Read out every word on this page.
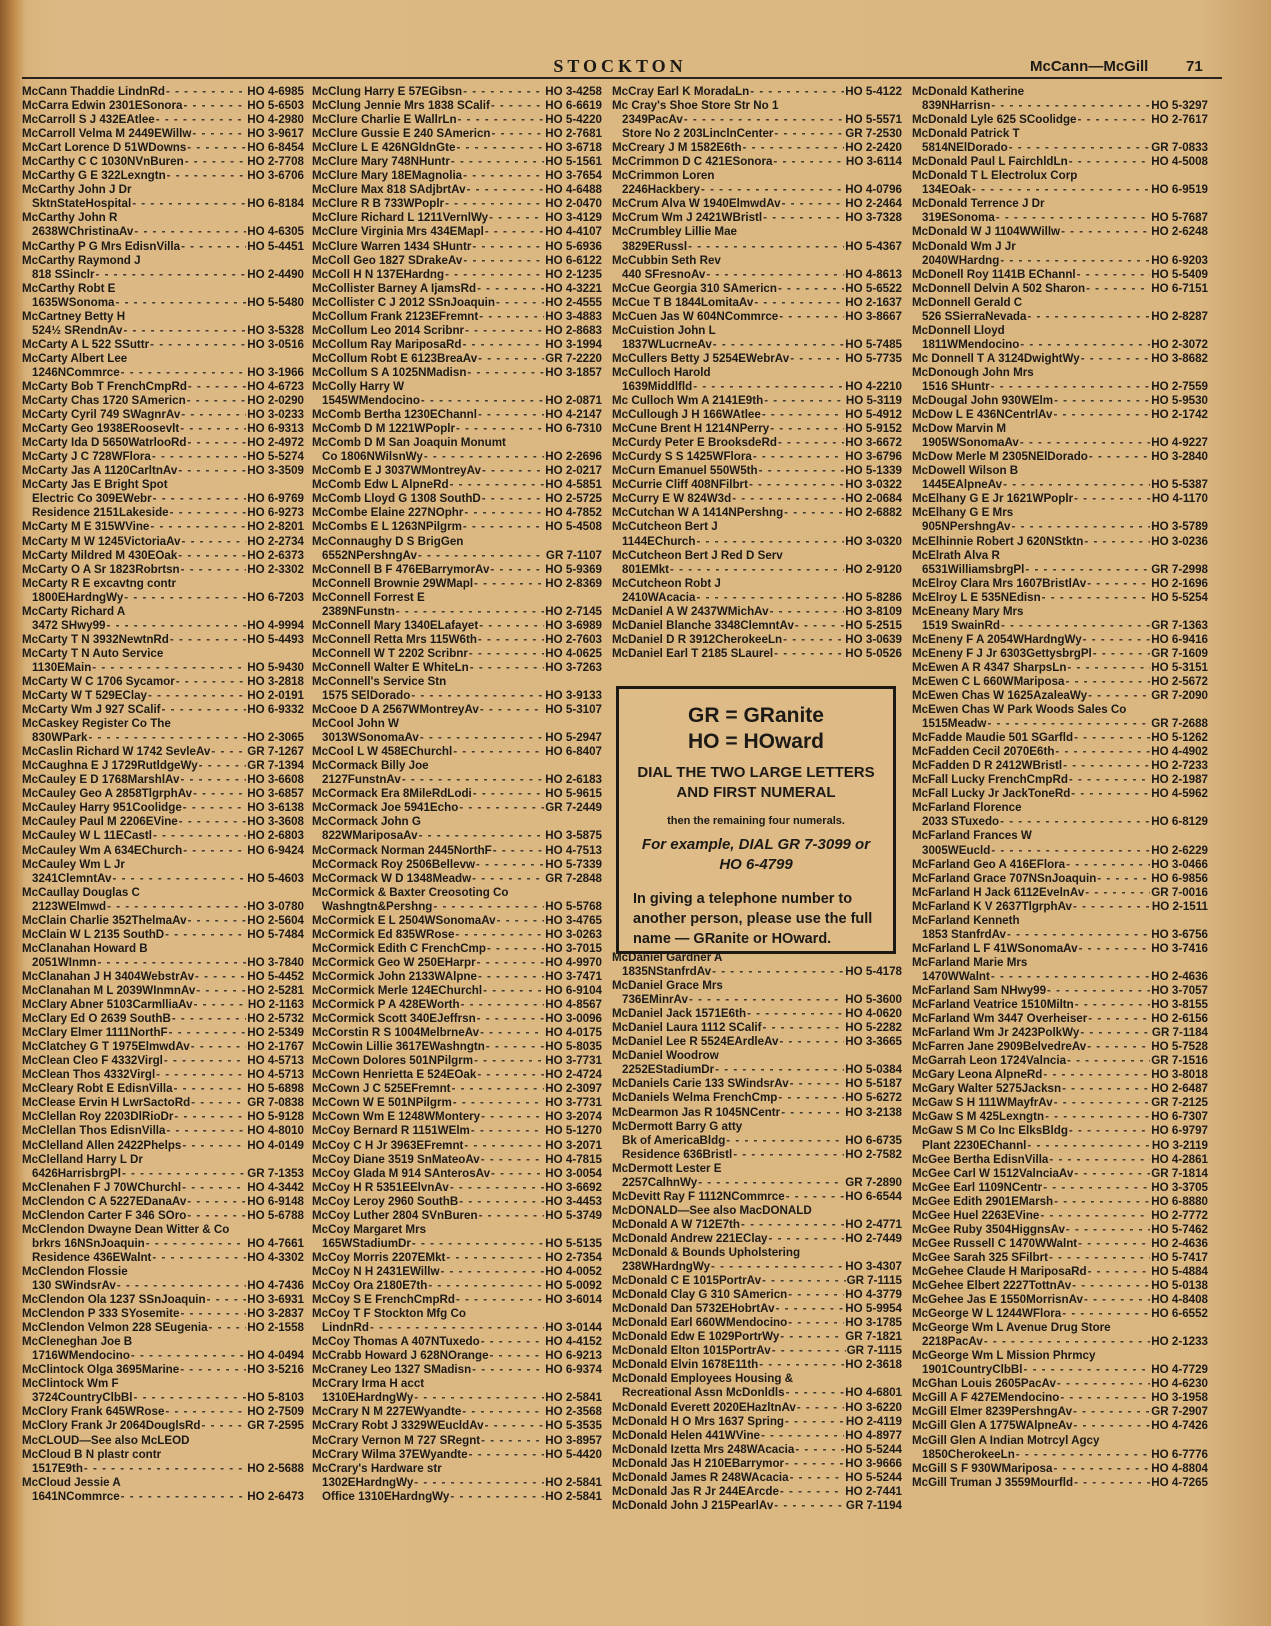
STOCKTON	McCann—McGill	71
McCann Thaddie LindnRd - - -	HO 4-6985
McCarra Edwin 2301ESonora - - -	HO 5-6503
McCarroll S J 432EAtlee - - -	HO 4-2980
McCarroll Velma M 2449EWillw - - -	HO 3-9617
McCart Lorence D 51WDowns - - -	HO 6-8454
McCarthy C C 1030NVnBuren - - -	HO 2-7708
McCarthy G E 322Lexngtn - - -	HO 3-6706
McCarthy John J Dr
SktnStateHospital - - -	HO 6-8184
McCarthy John R
2638WChristinaAv - - -	HO 4-6305
McCarthy P G Mrs EdisnVilla - - -	HO 5-4451
McCarthy Raymond J
818 SSinclr - - -	HO 2-4490
McCarthy Robt E
1635WSonoma - - -	HO 5-5480
McCartney Betty H
524½ SRendnAv - - -	HO 3-5328
McCarty A L 522 SSuttr - - -	HO 3-0516
McCarty Albert Lee
1246NCommrce - - -	HO 3-1966
McCarty Bob T FrenchCmpRd - - -	HO 4-6723
McCarty Chas 1720 SAmericn - - -	HO 2-0290
McCarty Cyril 749 SWagnrAv - - -	HO 3-0233
McCarty Geo 1938ERoosevlt - - -	HO 6-9313
McCarty Ida D 5650WatrlooRd - - -	HO 2-4972
McCarty J C 728WFlora - - -	HO 5-5274
McCarty Jas A 1120CarltnAv - - -	HO 3-3509
McCarty Jas E Bright Spot
Electric Co 309EWebr - - -	HO 6-9769
Residence 2151Lakeside - - -	HO 6-9273
McCarty M E 315WVine - - -	HO 2-8201
McCarty M W 1245VictoriaAv - - -	HO 2-2734
McCarty Mildred M 430EOak - - -	HO 2-6373
McCarty O A Sr 1823Robrtsn - - -	HO 2-3302
McCarty R E excavtng contr
1800EHardngWy - - -	HO 6-7203
McCarty Richard A
3472 SHwy99 - - -	HO 4-9994
McCarty T N 3932NewtnRd - - -	HO 5-4493
McCarty T N Auto Service
1130EMain - - -	HO 5-9430
McCarty W C 1706 Sycamor - - -	HO 3-2818
McCarty W T 529EClay - - -	HO 2-0191
McCarty Wm J 927 SCalif - - -	HO 6-9332
McCaskey Register Co The
830WPark - - -	HO 2-3065
McCaslin Richard W 1742 SevleAv - - -	GR 7-1267
McCaughna E J 1729RutldgeWy - - -	GR 7-1394
McCauley E D 1768MarshlAv - - -	HO 3-6608
McCauley Geo A 2858TlgrphAv - - -	HO 3-6857
McCauley Harry 951Coolidge - - -	HO 3-6138
McCauley Paul M 2206EVine - - -	HO 3-3608
McCauley W L 11ECastl - - -	HO 2-6803
McCauley Wm A 634EChurch - - -	HO 6-9424
McCauley Wm L Jr
3241ClemntAv - - -	HO 5-4603
McCaullay Douglas C
2123WElmwd - - -	HO 3-0780
McClain Charlie 352ThelmaAv - - -	HO 2-5604
McClain W L 2135 SouthD - - -	HO 5-7484
McClanahan Howard B
2051WInmn - - -	HO 3-7840
McClanahan J H 3404WebstrAv - - -	HO 5-4452
McClanahan M L 2039WInmnAv - - -	HO 2-5281
McClary Abner 5103CarmlliaAv - - -	HO 2-1163
McClary Ed O 2639 SouthB - - -	HO 2-5732
McClary Elmer 1111NorthF - - -	HO 2-5349
McClatchey G T 1975ElmwdAv - - -	HO 2-1767
McClean Cleo F 4332Virgl - - -	HO 4-5713
McClean Thos 4332Virgl - - -	HO 4-5713
McCleary Robt E EdisnVilla - - -	HO 5-6898
McClease Ervin H LwrSactoRd - - -	GR 7-0838
McClellan Roy 2203DlRioDr - - -	HO 5-9128
McClellan Thos EdisnVilla - - -	HO 4-8010
McClelland Allen 2422Phelps - - -	HO 4-0149
McClelland Harry L Dr
6426HarrisbrgPl - - -	GR 7-1353
McClenahen F J 70WChurchl - - -	HO 4-3442
McClendon C A 5227EDanaAv - - -	HO 6-9148
McClendon Carter F 346 SOro - - -	HO 5-6788
McClendon Dwayne Dean Witter & Co
brkrs 16NSnJoaquin - - -	HO 4-7661
Residence 436EWalnt - - -	HO 4-3302
McClendon Flossie
130 SWindsrAv - - -	HO 4-7436
McClendon Ola 1237 SSnJoaquin - - -	HO 3-6931
McClendon P 333 SYosemite - - -	HO 3-2837
McClendon Velmon 228 SEugenia - - -	HO 2-1558
McCleneghan Joe B
1716WMendocino - - -	HO 4-0494
McClintock Olga 3695Marine - - -	HO 3-5216
McClintock Wm F
3724CountryClbBl - - -	HO 5-8103
McClory Frank 645WRose - - -	HO 2-7509
McClory Frank Jr 2064DouglsRd - - -	GR 7-2595
McCLOUD—See also McLEOD
McCloud B N plastr contr
1517E9th - - -	HO 2-5688
McCloud Jessie A
1641NCommrce - - -	HO 2-6473
McClung Harry E 57EGibsn - - -	HO 3-4258
McClung Jennie Mrs 1838 SCalif - - -	HO 6-6619
McClure Charlie E WallrLn - - -	HO 5-4220
McClure Gussie E 240 SAmericn - - -	HO 2-7681
McClure L E 426NGldnGte - - -	HO 3-6718
McClure Mary 748NHuntr - - -	HO 5-1561
McClure Mary 18EMagnolia - - -	HO 3-7654
McClure Max 818 SAdjbrtAv - - -	HO 4-6488
McClure R B 733WPoplr - - -	HO 2-0470
McClure Richard L 1211VernlWy - - -	HO 3-4129
McClure Virginia Mrs 434EMapl - - -	HO 4-4107
McClure Warren 1434 SHuntr - - -	HO 5-6936
McColl Geo 1827 SDrakeAv - - -	HO 6-6122
McColl H N 137EHardng - - -	HO 2-1235
McCollister Barney A IjamsRd - - -	HO 4-3221
McCollister C J 2012 SSnJoaquin - - -	HO 2-4555
McCollum Frank 2123EFremnt - - -	HO 3-4883
McCollum Leo 2014 Scribnr - - -	HO 2-8683
McCollum Ray MariposaRd - - -	HO 3-1994
McCollum Robt E 6123BreaAv - - -	GR 7-2220
McCollum S A 1025NMadisn - - -	HO 3-1857
McColly Harry W
1545WMendocino - - -	HO 2-0871
McComb Bertha 1230EChannl - - -	HO 4-2147
McComb D M 1221WPoplr - - -	HO 6-7310
McComb D M San Joaquin Monumt
Co 1806NWilsnWy - - -	HO 2-2696
McComb E J 3037WMontreyAv - - -	HO 2-0217
McComb Edw L AlpneRd - - -	HO 4-5851
McComb Lloyd G 1308 SouthD - - -	HO 2-5725
McCombe Elaine 227NOphr - - -	HO 4-7852
McCombs E L 1263NPilgrm - - -	HO 5-4508
McConnaughy D S BrigGen
6552NPershngAv - - -	GR 7-1107
McConnell B F 476EBarrymorAv - - -	HO 5-9369
McConnell Brownie 29WMapl - - -	HO 2-8369
McConnell Forrest E
2389NFunstn - - -	HO 2-7145
McConnell Mary 1340ELafayet - - -	HO 3-6989
McConnell Retta Mrs 115W6th - - -	HO 2-7603
McConnell W T 2202 Scribnr - - -	HO 4-0625
McConnell Walter E WhiteLn - - -	HO 3-7263
McConnell's Service Stn
1575 SElDorado - - -	HO 3-9133
McCooe D A 2567WMontreyAv - - -	HO 5-3107
McCool John W
3013WSonomaAv - - -	HO 5-2947
McCool L W 458EChurchl - - -	HO 6-8407
McCormack Billy Joe
2127FunstnAv - - -	HO 2-6183
McCormack Era 8MileRdLodi - - -	HO 5-9615
McCormack Joe 5941Echo - - -	GR 7-2449
McCormack John G
822WMariposaAv - - -	HO 3-5875
McCormack Norman 2445NorthF - - -	HO 4-7513
McCormack Roy 2506Bellevw - - -	HO 5-7339
McCormack W D 1348Meadw - - -	GR 7-2848
McCormick & Baxter Creosoting Co
Washngtn&Pershng - - -	HO 5-5768
McCormick E L 2504WSonomaAv - - -	HO 3-4765
McCormick Ed 835WRose - - -	HO 3-0263
McCormick Edith C FrenchCmp - - -	HO 3-7015
McCormick Geo W 250EHarpr - - -	HO 4-9970
McCormick John 2133WAlpne - - -	HO 3-7471
McCormick Merle 124EChurchl - - -	HO 6-9104
McCormick P A 428EWorth - - -	HO 4-8567
McCormick Scott 340EJeffrsn - - -	HO 3-0096
McCorstin R S 1004MelbrneAv - - -	HO 4-0175
McCowin Lillie 3617EWashngtn - - -	HO 5-8035
McCown Dolores 501NPilgrm - - -	HO 3-7731
McCown Henrietta E 524EOak - - -	HO 2-4724
McCown J C 525EFremnt - - -	HO 2-3097
McCown W E 501NPilgrm - - -	HO 3-7731
McCown Wm E 1248WMontery - - -	HO 3-2074
McCoy Bernard R 1151WElm - - -	HO 5-1270
McCoy C H Jr 3963EFremnt - - -	HO 3-2071
McCoy Diane 3519 SnMateoAv - - -	HO 4-7815
McCoy Glada M 914 SAnterosAv - - -	HO 3-0054
McCoy H R 5351EElvnAv - - -	HO 3-6692
McCoy Leroy 2960 SouthB - - -	HO 3-4453
McCoy Luther 2804 SVnBuren - - -	HO 5-3749
McCoy Margaret Mrs
165WStadiumDr - - -	HO 5-5135
McCoy Morris 2207EMkt - - -	HO 2-7354
McCoy N H 2431EWillw - - -	HO 4-0052
McCoy Ora 2180E7th - - -	HO 5-0092
McCoy S E FrenchCmpRd - - -	HO 3-6014
McCoy T F Stockton Mfg Co
LindnRd - - -	HO 3-0144
McCoy Thomas A 407NTuxedo - - -	HO 4-4152
McCrabb Howard J 628NOrange - - -	HO 6-9213
McCraney Leo 1327 SMadisn - - -	HO 6-9374
McCrary Irma H acct
1310EHardngWy - - -	HO 2-5841
McCrary N M 227EWyandte - - -	HO 2-3568
McCrary Robt J 3329WEucldAv - - -	HO 5-3535
McCrary Vernon M 727 SRegnt - - -	HO 3-8957
McCrary Wilma 37EWyandte - - -	HO 5-4420
McCrary's Hardware str
1302EHardngWy - - -	HO 2-5841
Office 1310EHardngWy - - -	HO 2-5841
McCray Earl K MoradaLn - - -	HO 5-4122
Mc Cray's Shoe Store Str No 1
2349PacAv - - -	HO 5-5571
Store No 2 203LinclnCenter - - -	GR 7-2530
McCreary J M 1582E6th - - -	HO 2-2420
McCrimmon D C 421ESonora - - -	HO 3-6114
McCrimmon Loren
2246Hackbery - - -	HO 4-0796
McCrum Alva W 1940ElmwdAv - - -	HO 2-2464
McCrum Wm J 2421WBristl - - -	HO 3-7328
McCrumbley Lillie Mae
3829ERussl - - -	HO 5-4367
McCubbin Seth Rev
440 SFresnoAv - - -	HO 4-8613
McCue Georgia 310 SAmericn - - -	HO 5-6522
McCue T B 1844LomitaAv - - -	HO 2-1637
McCuen Jas W 604NCommrce - - -	HO 3-8667
McCuistion John L
1837WLucrneAv - - -	HO 5-7485
McCullers Betty J 5254EWebrAv - - -	HO 5-7735
McCulloch Harold
1639Middlfld - - -	HO 4-2210
Mc Culloch Wm A 2141E9th - - -	HO 5-3119
McCullough J H 166WAtlee - - -	HO 5-4912
McCune Brent H 1214NPerry - - -	HO 5-9152
McCurdy Peter E BrooksdeRd - - -	HO 3-6672
McCurdy S S 1425WFlora - - -	HO 3-6796
McCurn Emanuel 550W5th - - -	HO 5-1339
McCurrie Cliff 408NFilbrt - - -	HO 3-0322
McCurry E W 824W3d - - -	HO 2-0684
McCutchan W A 1414NPershng - - -	HO 2-6882
McCutcheon Bert J
1144EChurch - - -	HO 3-0320
McCutcheon Bert J Red D Serv
801EMkt - - -	HO 2-9120
McCutcheon Robt J
2410WAcacia - - -	HO 5-8286
McDaniel A W 2437WMichAv - - -	HO 3-8109
McDaniel Blanche 3348ClemntAv - - -	HO 5-2515
McDaniel D R 3912CherokeeLn - - -	HO 3-0639
McDaniel Earl T 2185 SLaurel - - -	HO 5-0526
McDonald Katherine
839NHarrisn - - -	HO 5-3297
McDonald Lyle 625 SCoolidge - - -	HO 2-7617
McDonald Patrick T
5814NElDorado - - -	GR 7-0833
McDonald Paul L FairchldLn - - -	HO 4-5008
McDonald T L Electrolux Corp
134EOak - - -	HO 6-9519
McDonald Terrence J Dr
319ESonoma - - -	HO 5-7687
McDonald W J 1104WWillw - - -	HO 2-6248
McDonald Wm J Jr
2040WHardng - - -	HO 6-9203
McDonell Roy 1141B EChannl - - -	HO 5-5409
McDonnell Delvin A 502 Sharon - - -	HO 6-7151
McDonnell Gerald C
526 SSierraNevada - - -	HO 2-8287
McDonnell Lloyd
1811WMendocino - - -	HO 2-3072
Mc Donnell T A 3124DwightWy - - -	HO 3-8682
McDonough John Mrs
1516 SHuntr - - -	HO 2-7559
McDougal John 930WElm - - -	HO 5-9530
McDow L E 436NCentrlAv - - -	HO 2-1742
McDow Marvin M
1905WSonomaAv - - -	HO 4-9227
McDow Merle M 2305NElDorado - - -	HO 3-2840
McDowell Wilson B
1445EAlpneAv - - -	HO 5-5387
McElhany G E Jr 1621WPoplr - - -	HO 4-1170
McElhany G E Mrs
905NPershngAv - - -	HO 3-5789
McElhinnie Robert J 620NStktn - - -	HO 3-0236
McElrath Alva R
6531WilliamsbrgPl - - -	GR 7-2998
McElroy Clara Mrs 1607BristlAv - - -	HO 2-1696
McElroy L E 535NEdisn - - -	HO 5-5254
McEneany Mary Mrs
1519 SwainRd - - -	GR 7-1363
McEneny F A 2054WHardngWy - - -	HO 6-9416
McEneny F J Jr 6303GettysbrgPl - - -	GR 7-1609
McEwen A R 4347 SharpsLn - - -	HO 5-3151
McEwen C L 660WMariposa - - -	HO 2-5672
McEwen Chas W 1625AzaleaWy - - -	GR 7-2090
McEwen Chas W Park Woods Sales Co
1515Meadw - - -	GR 7-2688
McFadde Maudie 501 SGarfld - - -	HO 5-1262
McFadden Cecil 2070E6th - - -	HO 4-4902
McFadden D R 2412WBristl - - -	HO 2-7233
McFall Lucky FrenchCmpRd - - -	HO 2-1987
McFall Lucky Jr JackToneRd - - -	HO 4-5962
McFarland Florence
2033 STuxedo - - -	HO 6-8129
McFarland Frances W
3005WEucld - - -	HO 2-6229
McFarland Geo A 416EFlora - - -	HO 3-0466
McFarland Grace 707NSnJoaquin - - -	HO 6-9856
McFarland H Jack 6112EvelnAv - - -	GR 7-0016
McFarland K V 2637TlgrphAv - - -	HO 2-1511
McFarland Kenneth
1853 StanfrdAv - - -	HO 3-6756
McFarland L F 41WSonomaAv - - -	HO 3-7416
McFarland Marie Mrs
1470WWalnt - - -	HO 2-4636
McFarland Sam NHwy99 - - -	HO 3-7057
McFarland Veatrice 1510Miltn - - -	HO 3-8155
McFarland Wm 3447 Overheiser - - -	HO 2-6156
McFarland Wm Jr 2423PolkWy - - -	GR 7-1184
McFarren Jane 2909BelvedreAv - - -	HO 5-7528
McGarrah Leon 1724Valncia - - -	GR 7-1516
McGary Leona AlpneRd - - -	HO 3-8018
McGary Walter 5275Jacksn - - -	HO 2-6487
McGaw S H 111WMayfrAv - - -	GR 7-2125
McGaw S M 425Lexngtn - - -	HO 6-7307
McGaw S M Co Inc ElksBldg - - -	HO 6-9797
Plant 2230EChannl - - -	HO 3-2119
McGee Bertha EdisnVilla - - -	HO 4-2861
McGee Carl W 1512ValnciaAv - - -	GR 7-1814
McGee Earl 1109NCentr - - -	HO 3-3705
McGee Edith 2901EMarsh - - -	HO 6-8880
McGee Huel 2263EVine - - -	HO 2-7772
McGee Ruby 3504HiggnsAv - - -	HO 5-7462
McGee Russell C 1470WWalnt - - -	HO 2-4636
McGee Sarah 325 SFilbrt - - -	HO 5-7417
McGehee Claude H MariposaRd - - -	HO 5-4884
McGehee Elbert 2227TottnAv - - -	HO 5-0138
McGehee Jas E 1550MorrisnAv - - -	HO 4-8408
McGeorge W L 1244WFlora - - -	HO 6-6552
McGeorge Wm L Avenue Drug Store
2218PacAv - - -	HO 2-1233
McGeorge Wm L Mission Phrmcy
1901CountryClbBl - - -	HO 4-7729
McGhan Louis 2605PacAv - - -	HO 4-6230
McGill A F 427EMendocino - - -	HO 3-1958
McGill Elmer 8239PershngAv - - -	GR 7-2907
McGill Glen A 1775WAlpneAv - - -	HO 4-7426
McGill Glen A Indian Motrcyl Agcy
1850CherokeeLn - - -	HO 6-7776
McGill S F 930WMariposa - - -	HO 4-8804
McGill Truman J 3559Mourfld - - -	HO 4-7265
GR = GRanite
HO = HOward
DIAL THE TWO LARGE LETTERS AND FIRST NUMERAL
then the remaining four numerals.
For example, DIAL GR 7-3099 or HO 6-4799
In giving a telephone number to another person, please use the full name — GRanite or HOward.
McDaniel Gardner A
1835NStanfrdAv - - -	HO 5-4178
McDaniel Grace Mrs
736EMinrAv - - -	HO 5-3600
McDaniel Jack 1571E6th - - -	HO 4-0620
McDaniel Laura 1112 SCalif - - -	HO 5-2282
McDaniel Lee R 5524EArdleAv - - -	HO 3-3665
McDaniel Woodrow
2252EStadiumDr - - -	HO 5-0384
McDaniels Carie 133 SWindsrAv - - -	HO 5-5187
McDaniels Welma FrenchCmp - - -	HO 5-6272
McDearmon Jas R 1045NCentr - - -	HO 3-2138
McDermott Barry G atty
Bk of AmericaBldg - - -	HO 6-6735
Residence 636Bristl - - -	HO 2-7582
McDermott Lester E
2257CalhnWy - - -	GR 7-2890
McDevitt Ray F 1112NCommrce - - -	HO 6-6544
McDONALD—See also MacDONALD
McDonald A W 712E7th - - -	HO 2-4771
McDonald Andrew 221EClay - - -	HO 2-7449
McDonald & Bounds Upholstering
238WHardngWy - - -	HO 3-4307
McDonald C E 1015PortrAv - - -	GR 7-1115
McDonald Clay G 310 SAmericn - - -	HO 4-3779
McDonald Dan 5732EHobrtAv - - -	HO 5-9954
McDonald Earl 660WMendocino - - -	HO 3-1785
McDonald Edw E 1029PortrWy - - -	GR 7-1821
McDonald Elton 1015PortrAv - - -	GR 7-1115
McDonald Elvin 1678E11th - - -	HO 2-3618
McDonald Employees Housing &
Recreational Assn McDonldls - - -	HO 4-6801
McDonald Everett 2020EHazltnAv - - -	HO 3-6220
McDonald H O Mrs 1637 Spring - - -	HO 2-4119
McDonald Helen 441WVine - - -	HO 4-8977
McDonald Izetta Mrs 248WAcacia - - -	HO 5-5244
McDonald Jas H 210EBarrymor - - -	HO 3-9666
McDonald James R 248WAcacia - - -	HO 5-5244
McDonald Jas R Jr 244EArcde - - -	HO 2-7441
McDonald John J 215PearlAv - - -	GR 7-1194
